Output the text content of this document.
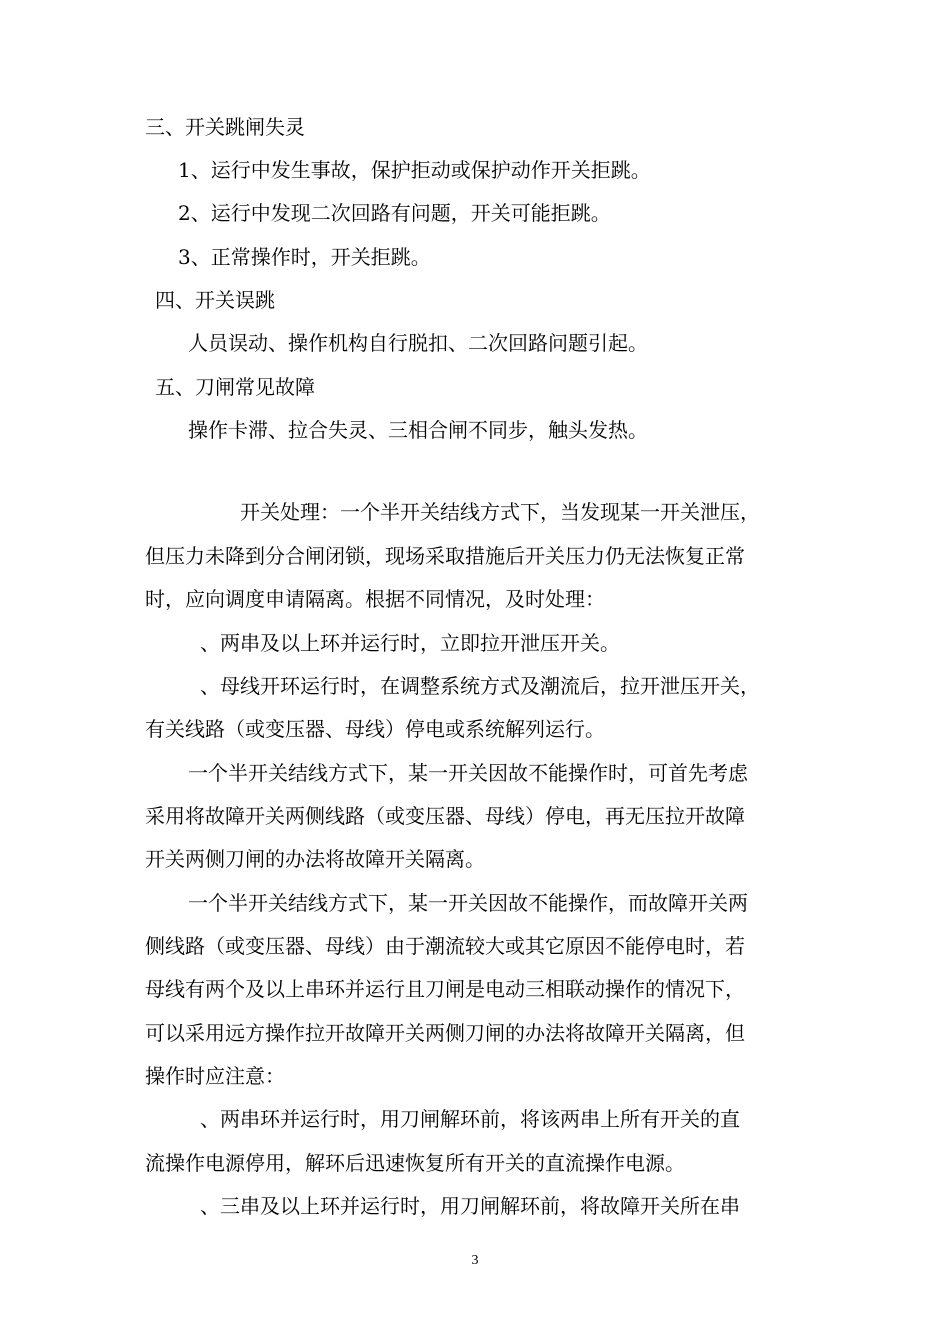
三、开关跳闸失灵
1、运行中发生事故，保护拒动或保护动作开关拒跳。
2、运行中发现二次回路有问题，开关可能拒跳。
3、正常操作时，开关拒跳。
四、开关误跳
人员误动、操作机构自行脱扣、二次回路问题引起。
五、刀闸常见故障
操作卡滞、拉合失灵、三相合闸不同步，触头发热。
开关处理：一个半开关结线方式下，当发现某一开关泄压，
但压力未降到分合闸闭锁，现场采取措施后开关压力仍无法恢复正常
时，应向调度申请隔离。根据不同情况，及时处理：
、两串及以上环并运行时，立即拉开泄压开关。
、母线开环运行时，在调整系统方式及潮流后，拉开泄压开关，
有关线路（或变压器、母线）停电或系统解列运行。
一个半开关结线方式下，某一开关因故不能操作时，可首先考虑
采用将故障开关两侧线路（或变压器、母线）停电，再无压拉开故障
开关两侧刀闸的办法将故障开关隔离。
一个半开关结线方式下，某一开关因故不能操作，而故障开关两
侧线路（或变压器、母线）由于潮流较大或其它原因不能停电时，若
母线有两个及以上串环并运行且刀闸是电动三相联动操作的情况下，
可以采用远方操作拉开故障开关两侧刀闸的办法将故障开关隔离，但
操作时应注意：
、两串环并运行时，用刀闸解环前，将该两串上所有开关的直
流操作电源停用，解环后迅速恢复所有开关的直流操作电源。
、三串及以上环并运行时，用刀闸解环前，将故障开关所在串
3
